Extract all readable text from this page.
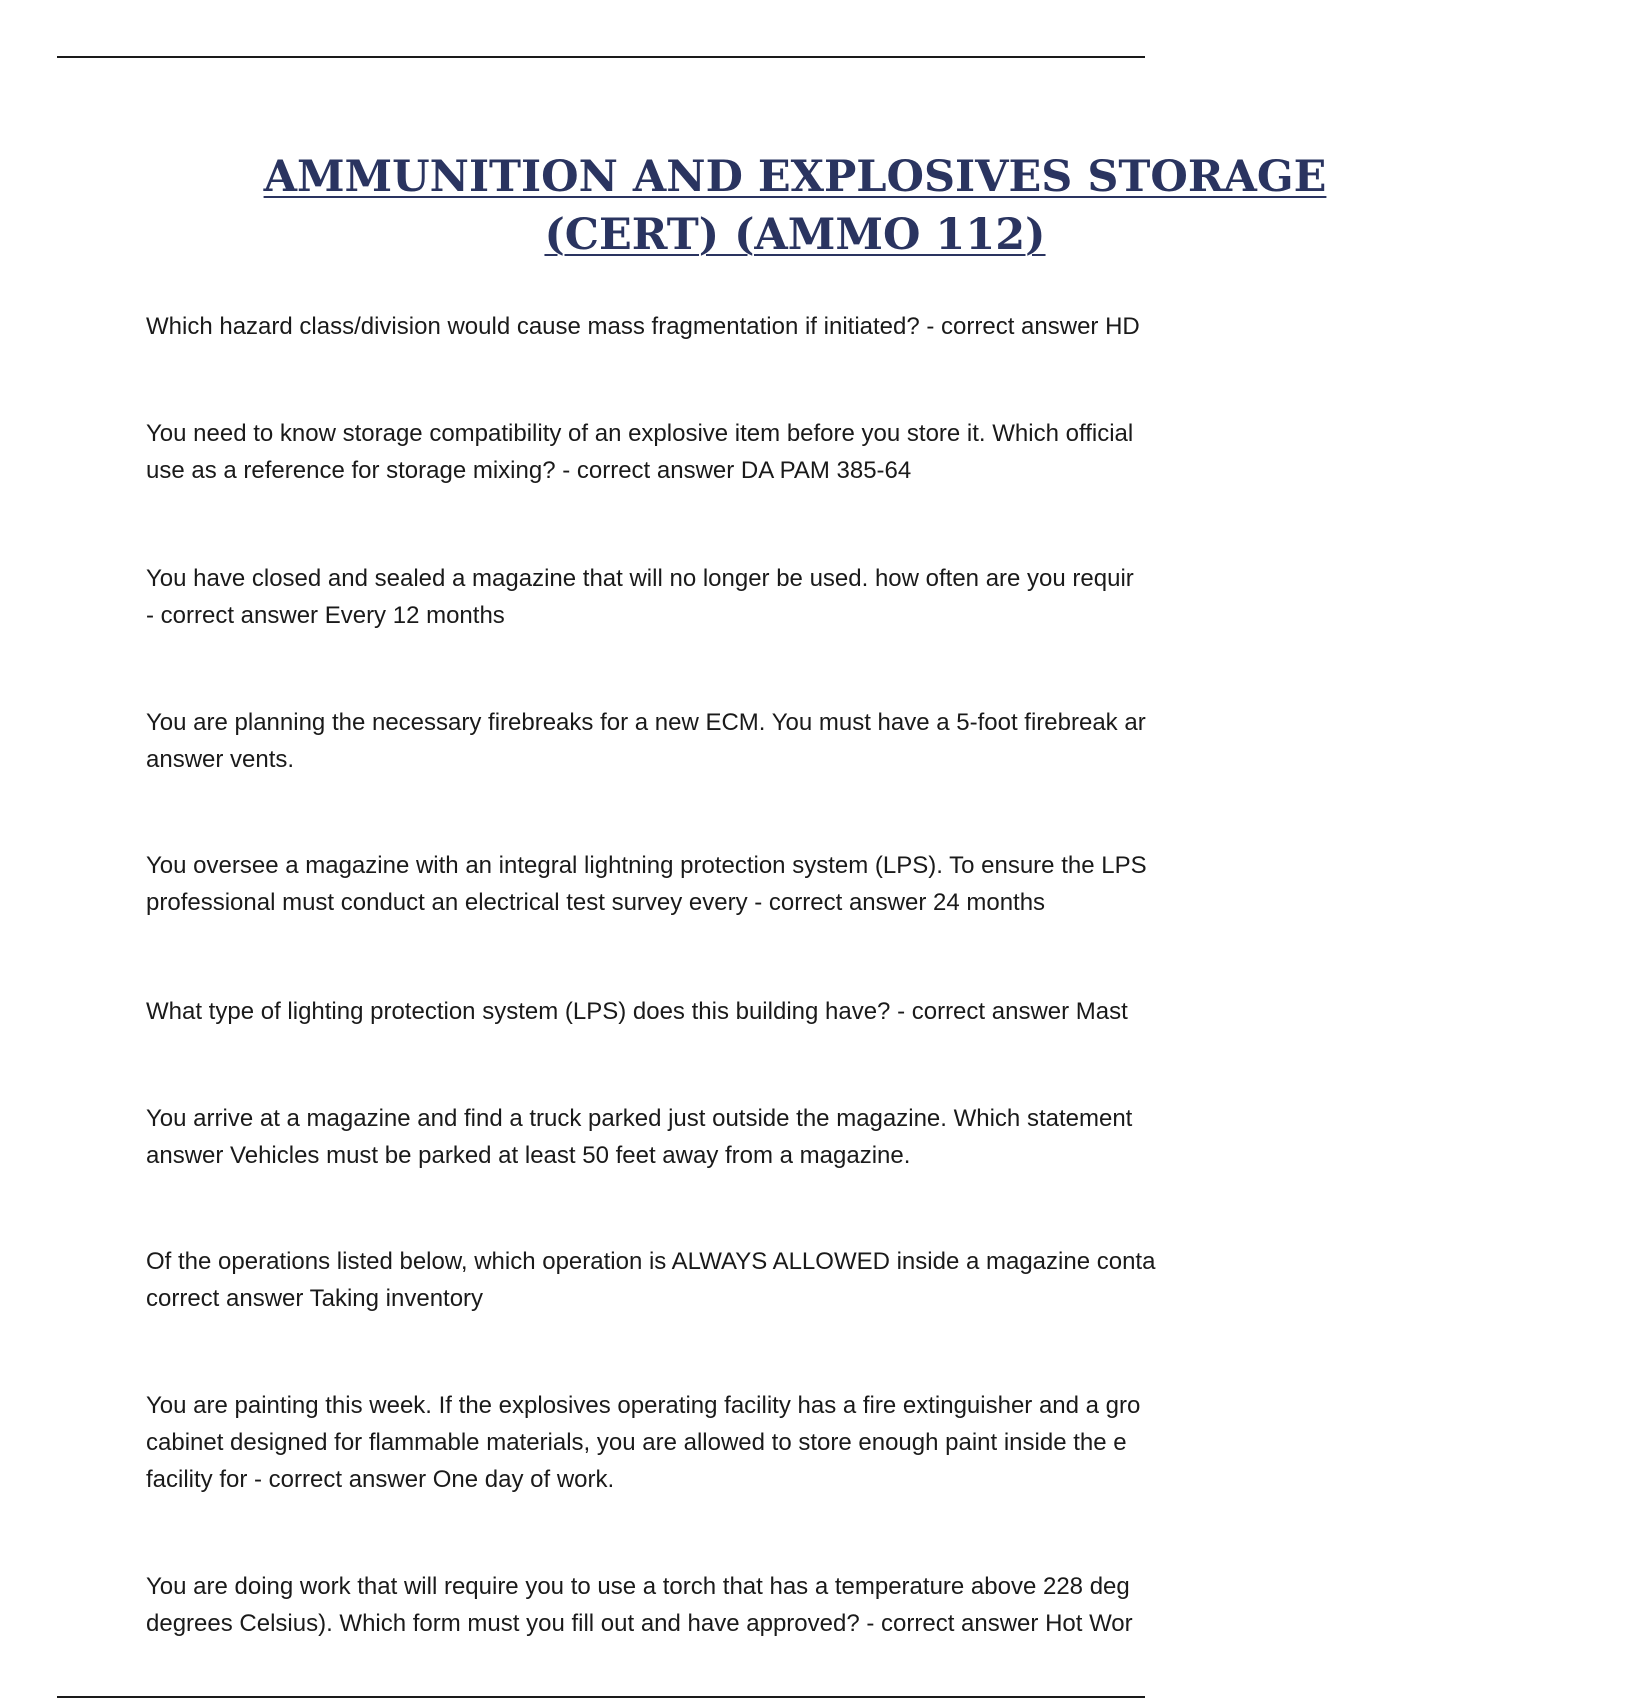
AMMUNITION AND EXPLOSIVES STORAGE
(CERT) (AMMO 112)
Which hazard class/division would cause mass fragmentation if initiated? - correct answer HD
You need to know storage compatibility of an explosive item before you store it. Which official
use as a reference for storage mixing? - correct answer DA PAM 385-64
You have closed and sealed a magazine that will no longer be used. how often are you requir
- correct answer Every 12 months
You are planning the necessary firebreaks for a new ECM. You must have a 5-foot firebreak ar
answer vents.
You oversee a magazine with an integral lightning protection system (LPS). To ensure the LPS
professional must conduct an electrical test survey every - correct answer 24 months
What type of lighting protection system (LPS) does this building have? - correct answer Mast
You arrive at a magazine and find a truck parked just outside the magazine. Which statement
answer Vehicles must be parked at least 50 feet away from a magazine.
Of the operations listed below, which operation is ALWAYS ALLOWED inside a magazine conta
correct answer Taking inventory
You are painting this week. If the explosives operating facility has a fire extinguisher and a gro
cabinet designed for flammable materials, you are allowed to store enough paint inside the e
facility for - correct answer One day of work.
You are doing work that will require you to use a torch that has a temperature above 228 deg
degrees Celsius). Which form must you fill out and have approved? - correct answer Hot Wor
